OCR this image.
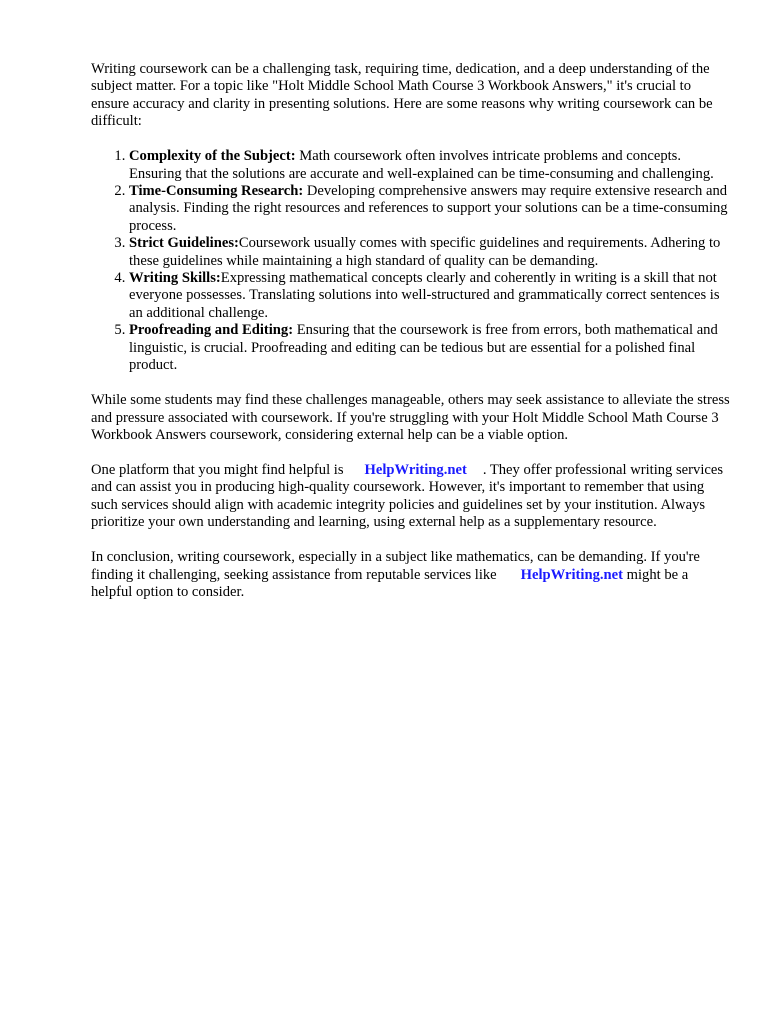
Writing coursework can be a challenging task, requiring time, dedication, and a deep understanding of the subject matter. For a topic like "Holt Middle School Math Course 3 Workbook Answers," it's crucial to ensure accuracy and clarity in presenting solutions. Here are some reasons why writing coursework can be difficult:

1. Complexity of the Subject: Math coursework often involves intricate problems and concepts. Ensuring that the solutions are accurate and well-explained can be time-consuming and challenging.
2. Time-Consuming Research: Developing comprehensive answers may require extensive research and analysis. Finding the right resources and references to support your solutions can be a time-consuming process.
3. Strict Guidelines:Coursework usually comes with specific guidelines and requirements. Adhering to these guidelines while maintaining a high standard of quality can be demanding.
4. Writing Skills:Expressing mathematical concepts clearly and coherently in writing is a skill that not everyone possesses. Translating solutions into well-structured and grammatically correct sentences is an additional challenge.
5. Proofreading and Editing: Ensuring that the coursework is free from errors, both mathematical and linguistic, is crucial. Proofreading and editing can be tedious but are essential for a polished final product.

While some students may find these challenges manageable, others may seek assistance to alleviate the stress and pressure associated with coursework. If you're struggling with your Holt Middle School Math Course 3 Workbook Answers coursework, considering external help can be a viable option.

One platform that you might find helpful is HelpWriting.net . They offer professional writing services and can assist you in producing high-quality coursework. However, it's important to remember that using such services should align with academic integrity policies and guidelines set by your institution. Always prioritize your own understanding and learning, using external help as a supplementary resource.

In conclusion, writing coursework, especially in a subject like mathematics, can be demanding. If you're finding it challenging, seeking assistance from reputable services like HelpWriting.net might be a helpful option to consider.
